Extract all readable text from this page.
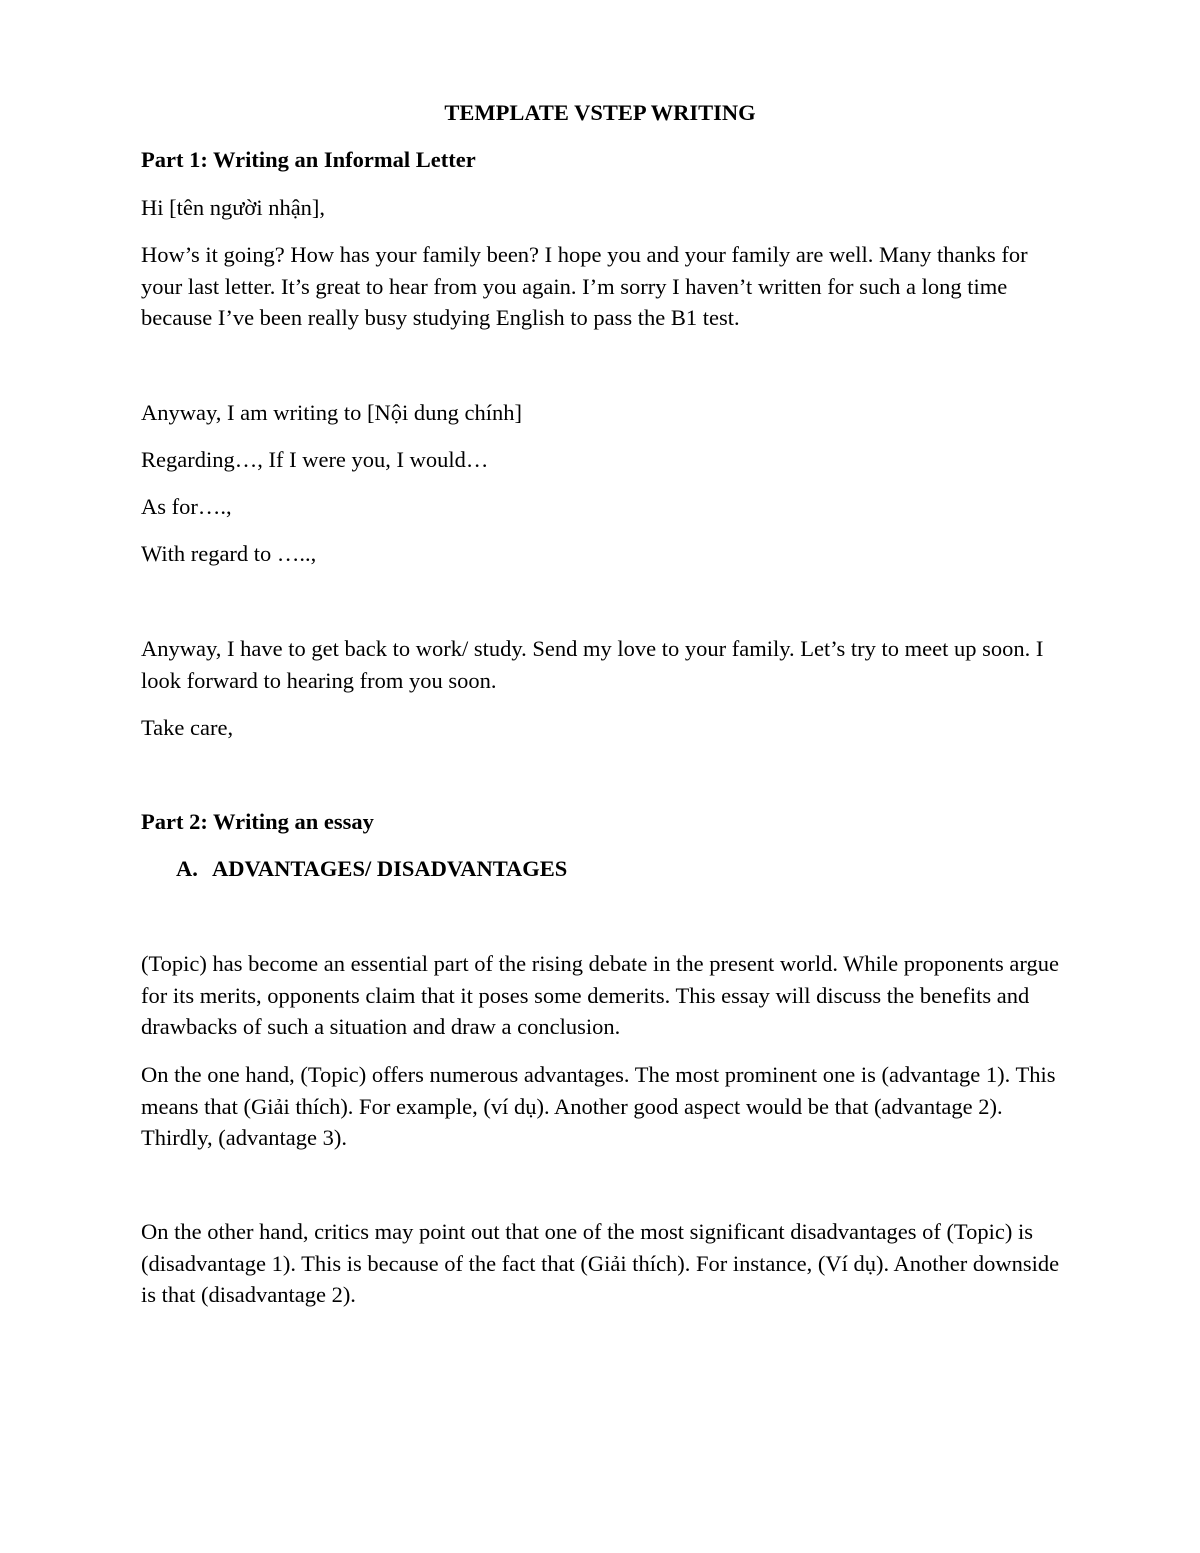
TEMPLATE VSTEP WRITING
Part 1: Writing an Informal Letter
Hi [tên người nhận],
How’s it going? How has your family been? I hope you and your family are well. Many thanks for your last letter. It’s great to hear from you again. I’m sorry I haven’t written for such a long time because I’ve been really busy studying English to pass the B1 test.
Anyway, I am writing to [Nội dung chính]
Regarding…, If I were you, I would…
As for….,
With regard to …..,
Anyway, I have to get back to work/ study. Send my love to your family. Let’s try to meet up soon. I look forward to hearing from you soon.
Take care,
Part 2: Writing an essay
A. ADVANTAGES/ DISADVANTAGES
(Topic) has become an essential part of the rising debate in the present world. While proponents argue for its merits, opponents claim that it poses some demerits. This essay will discuss the benefits and drawbacks of such a situation and draw a conclusion.
On the one hand, (Topic) offers numerous advantages. The most prominent one is (advantage 1). This means that (Giải thích). For example, (ví dụ). Another good aspect would be that (advantage 2). Thirdly, (advantage 3).
On the other hand, critics may point out that one of the most significant disadvantages of (Topic) is (disadvantage 1). This is because of the fact that (Giải thích). For instance, (Ví dụ). Another downside is that (disadvantage 2).
